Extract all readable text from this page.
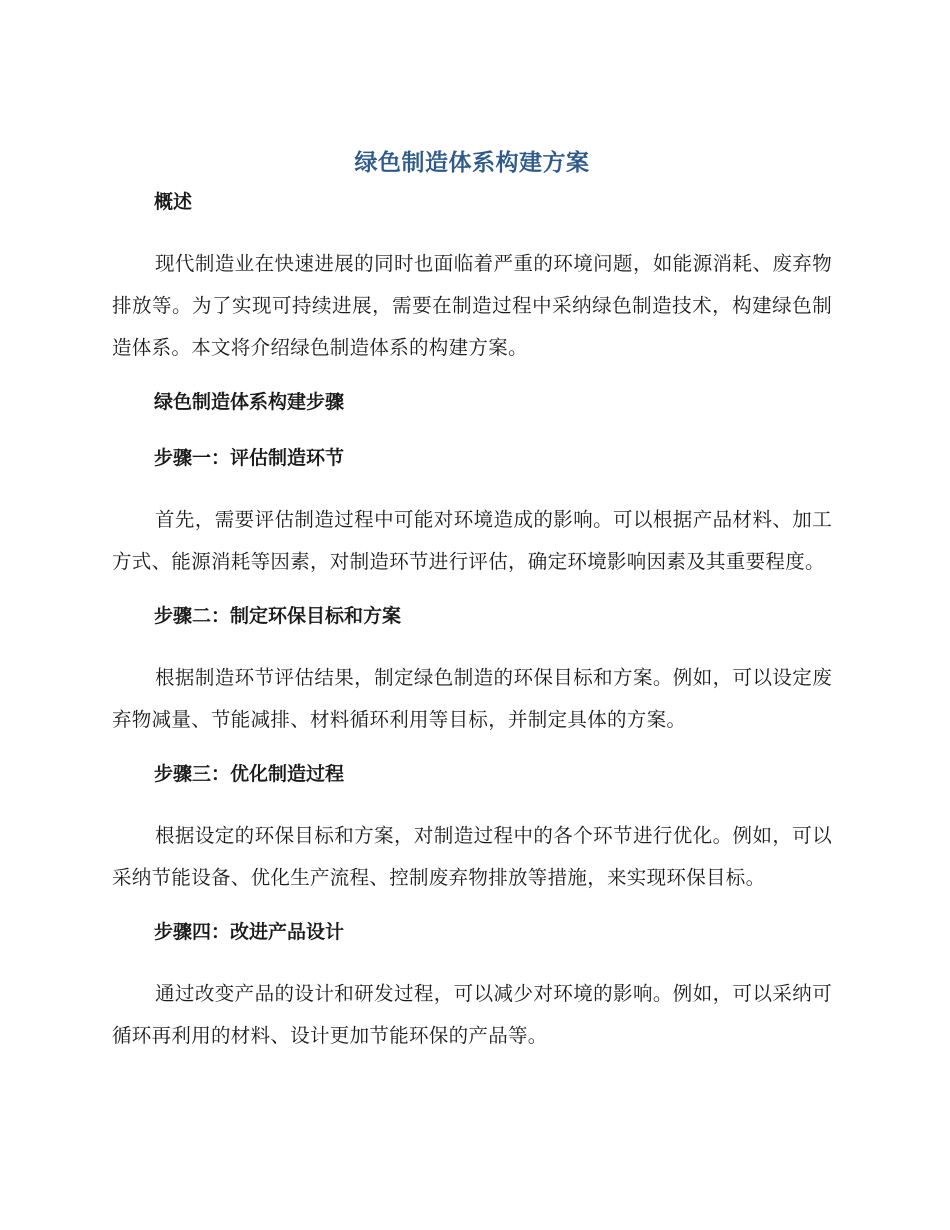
绿色制造体系构建方案
概述

现代制造业在快速进展的同时也面临着严重的环境问题，如能源消耗、废弃物排放等。为了实现可持续进展，需要在制造过程中采纳绿色制造技术，构建绿色制造体系。本文将介绍绿色制造体系的构建方案。

绿色制造体系构建步骤
步骤一：评估制造环节

首先，需要评估制造过程中可能对环境造成的影响。可以根据产品材料、加工方式、能源消耗等因素，对制造环节进行评估，确定环境影响因素及其重要程度。

步骤二：制定环保目标和方案

根据制造环节评估结果，制定绿色制造的环保目标和方案。例如，可以设定废弃物减量、节能减排、材料循环利用等目标，并制定具体的方案。

步骤三：优化制造过程

根据设定的环保目标和方案，对制造过程中的各个环节进行优化。例如，可以采纳节能设备、优化生产流程、控制废弃物排放等措施，来实现环保目标。

步骤四：改进产品设计

通过改变产品的设计和研发过程，可以减少对环境的影响。例如，可以采纳可循环再利用的材料、设计更加节能环保的产品等。
